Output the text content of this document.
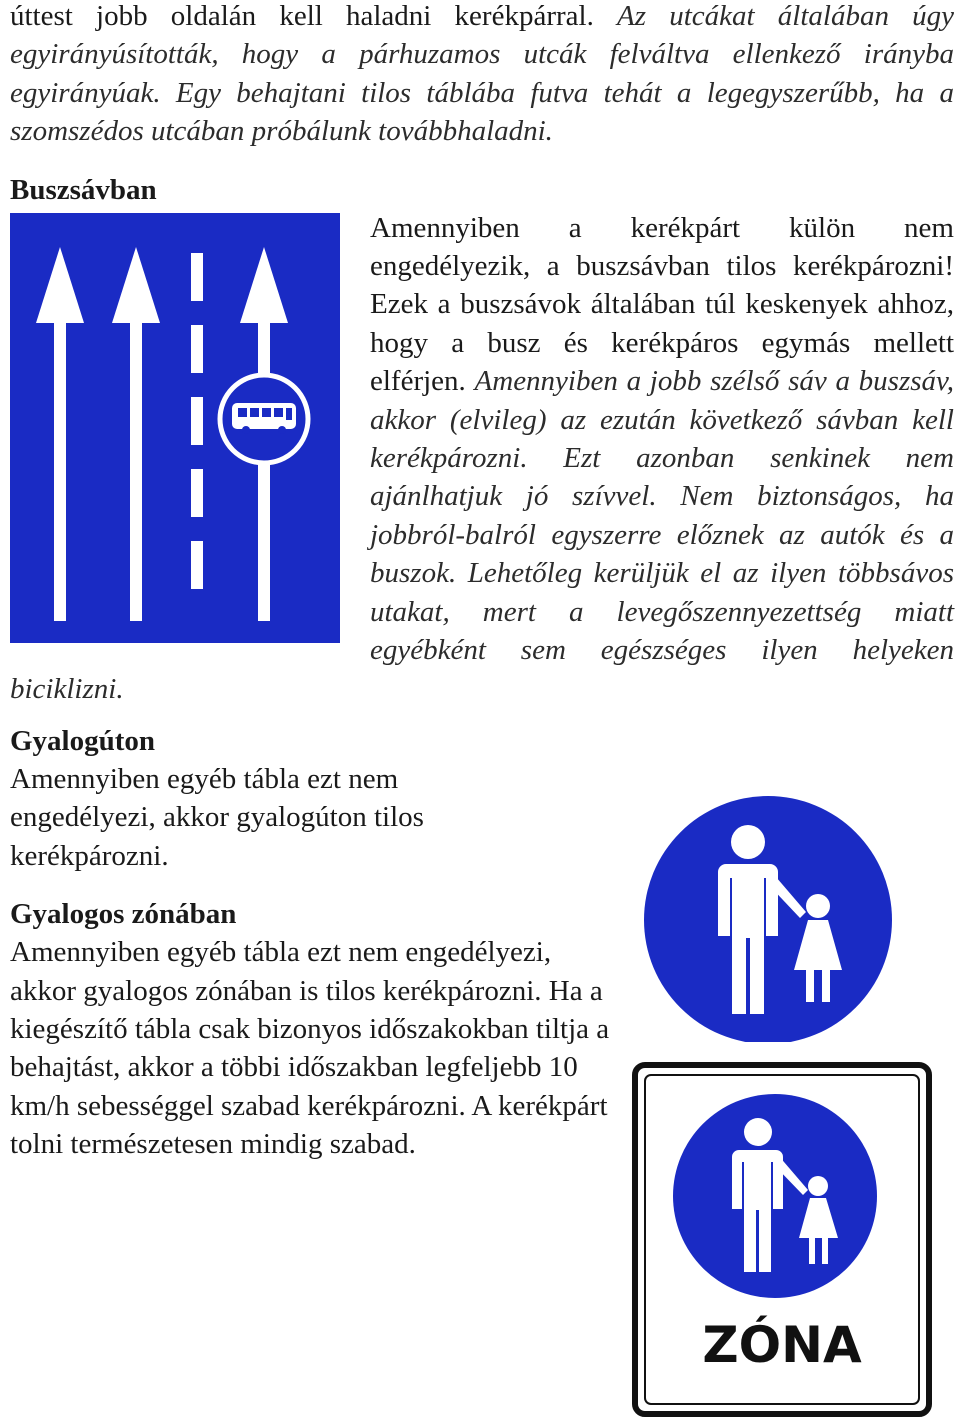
úttest jobb oldalán kell haladni kerékpárral. Az utcákat általában úgy egyirányúsították, hogy a párhuzamos utcák felváltva ellenkező irányba egyirányúak. Egy behajtani tilos táblába futva tehát a legegyszerűbb, ha a szomszédos utcában próbálunk továbbhaladni.

Buszsávban

Amennyiben a kerékpárt külön nem engedélyezik, a buszsávban tilos kerékpározni! Ezek a buszsávok általában túl keskenyek ahhoz, hogy a busz és kerékpáros egymás mellett elférjen. Amennyiben a jobb szélső sáv a buszsáv, akkor (elvileg) az ezután következő sávban kell kerékpározni. Ezt azonban senkinek nem ajánlhatjuk jó szívvel. Nem biztonságos, ha jobbról-balról egyszerre előznek az autók és a buszok. Lehetőleg kerüljük el az ilyen többsávos utakat, mert a levegőszennyezettség miatt egyébként sem egészséges ilyen helyeken biciklizni.

Gyalogúton

Amennyiben egyéb tábla ezt nem engedélyezi, akkor gyalogúton tilos kerékpározni.

Gyalogos zónában

Amennyiben egyéb tábla ezt nem engedélyezi, akkor gyalogos zónában is tilos kerékpározni. Ha a kiegészítő tábla csak bizonyos időszakokban tiltja a behajtást, akkor a többi időszakban legfeljebb 10 km/h sebességgel szabad kerékpározni. A kerékpárt tolni természetesen mindig szabad.

ZÓNA
